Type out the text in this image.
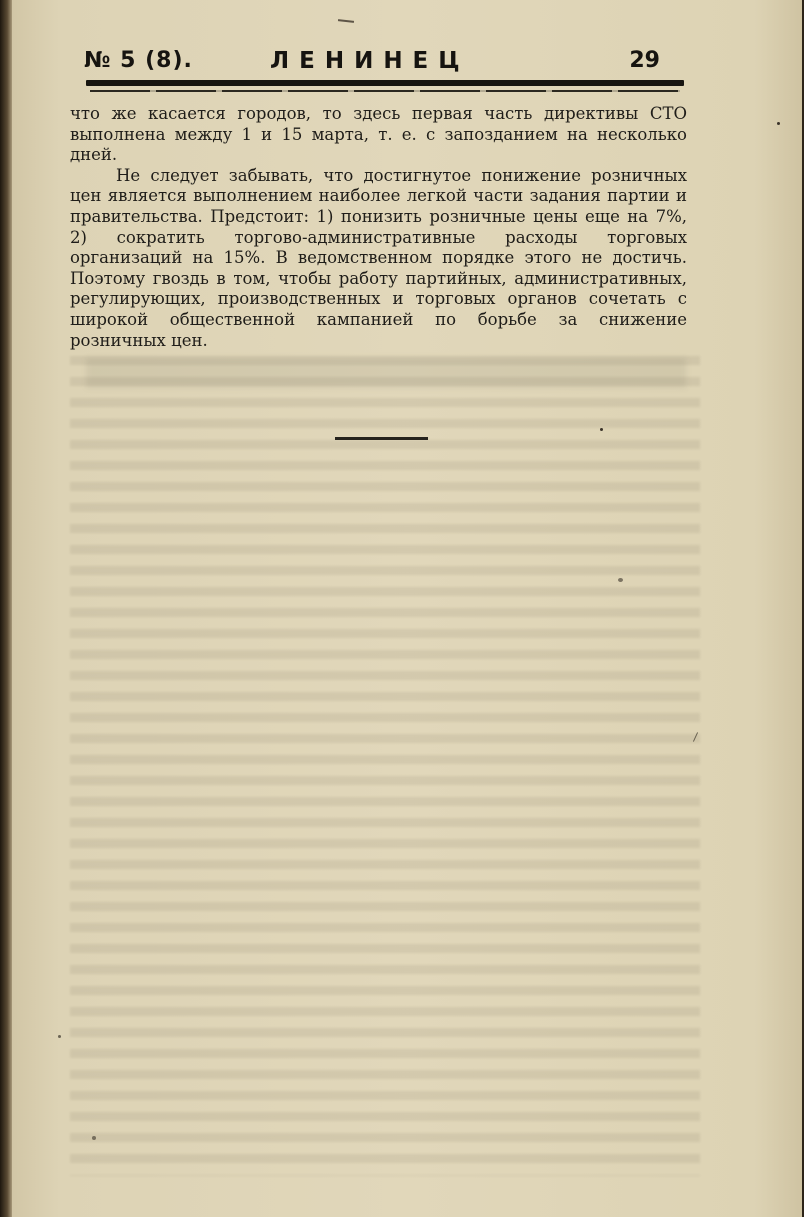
№ 5 (8).	ЛЕНИНЕЦ	29

что же касается городов, то здесь первая часть директивы СТО выполнена между 1 и 15 марта, т. е. с запозданием на несколько дней.

Не следует забывать, что достигнутое понижение розничных цен является выполнением наиболее легкой части задания партии и правительства. Предстоит: 1) понизить розничные цены еще на 7%, 2) сократить торгово-административные расходы торговых организаций на 15%. В ведомственном порядке этого не достичь. Поэтому гвоздь в том, чтобы работу партийных, административных, регулирующих, производственных и торговых органов сочетать с широкой общественной кампанией по борьбе за снижение розничных цен.
